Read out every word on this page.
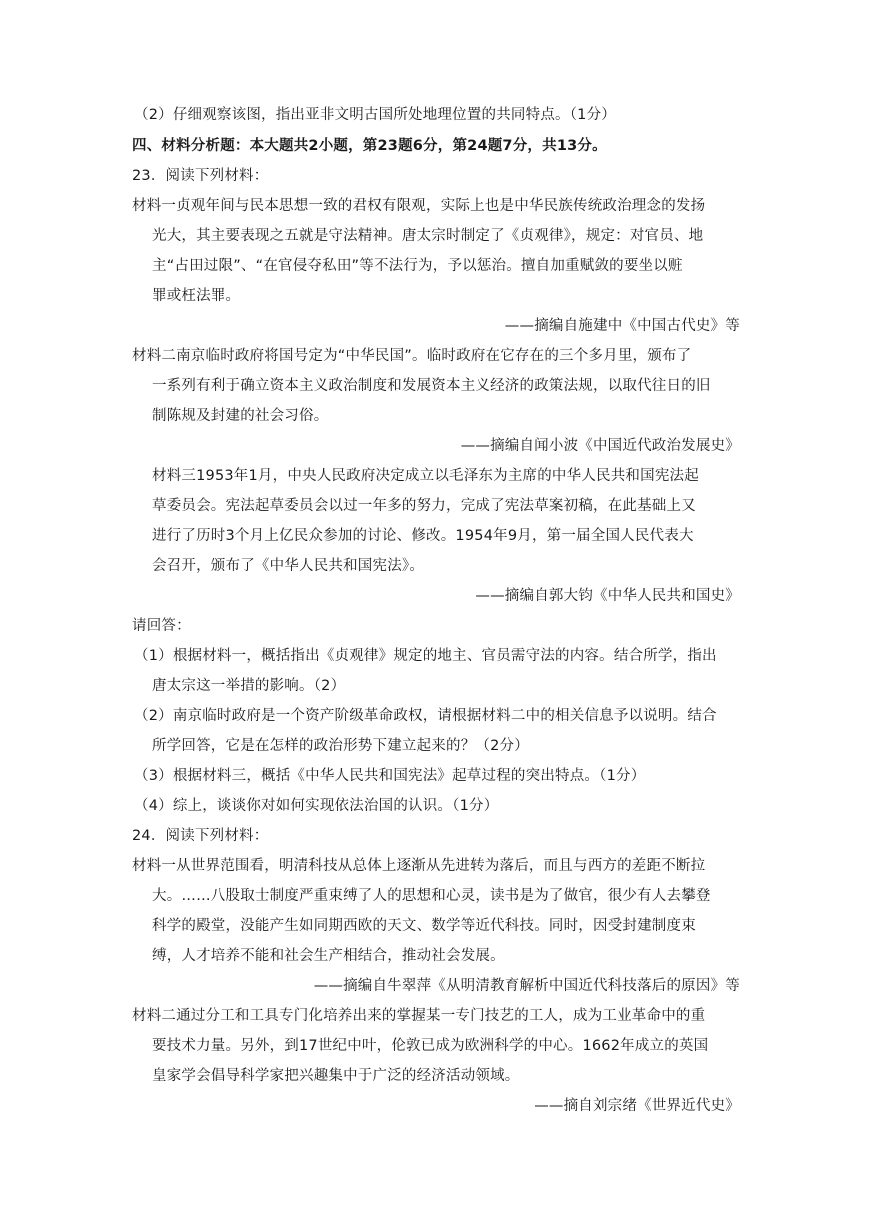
（2）仔细观察该图，指出亚非文明古国所处地理位置的共同特点。（1分）
四、材料分析题：本大题共2小题，第23题6分，第24题7分，共13分。
23．阅读下列材料：
材料一贞观年间与民本思想一致的君权有限观，实际上也是中华民族传统政治理念的发扬
光大，其主要表现之五就是守法精神。唐太宗时制定了《贞观律》，规定：对官员、地
主“占田过限”、“在官侵夺私田”等不法行为，予以惩治。擅自加重赋敛的要坐以赃
罪或枉法罪。
——摘编自施建中《中国古代史》等
材料二南京临时政府将国号定为“中华民国”。临时政府在它存在的三个多月里，颁布了
一系列有利于确立资本主义政治制度和发展资本主义经济的政策法规，以取代往日的旧
制陈规及封建的社会习俗。
——摘编自闻小波《中国近代政治发展史》
材料三1953年1月，中央人民政府决定成立以毛泽东为主席的中华人民共和国宪法起
草委员会。宪法起草委员会以过一年多的努力，完成了宪法草案初稿，在此基础上又
进行了历时3个月上亿民众参加的讨论、修改。1954年9月，第一届全国人民代表大
会召开，颁布了《中华人民共和国宪法》。
——摘编自郭大钧《中华人民共和国史》
请回答：
（1）根据材料一，概括指出《贞观律》规定的地主、官员需守法的内容。结合所学，指出
唐太宗这一举措的影响。（2）
（2）南京临时政府是一个资产阶级革命政权，请根据材料二中的相关信息予以说明。结合
所学回答，它是在怎样的政治形势下建立起来的？（2分）
（3）根据材料三，概括《中华人民共和国宪法》起草过程的突出特点。（1分）
（4）综上，谈谈你对如何实现依法治国的认识。（1分）
24．阅读下列材料：
材料一从世界范围看，明清科技从总体上逐渐从先进转为落后，而且与西方的差距不断拉
大。……八股取士制度严重束缚了人的思想和心灵，读书是为了做官，很少有人去攀登
科学的殿堂，没能产生如同期西欧的天文、数学等近代科技。同时，因受封建制度束
缚，人才培养不能和社会生产相结合，推动社会发展。
——摘编自牛翠萍《从明清教育解析中国近代科技落后的原因》等
材料二通过分工和工具专门化培养出来的掌握某一专门技艺的工人，成为工业革命中的重
要技术力量。另外，到17世纪中叶，伦敦已成为欧洲科学的中心。1662年成立的英国
皇家学会倡导科学家把兴趣集中于广泛的经济活动领域。
——摘自刘宗绪《世界近代史》
